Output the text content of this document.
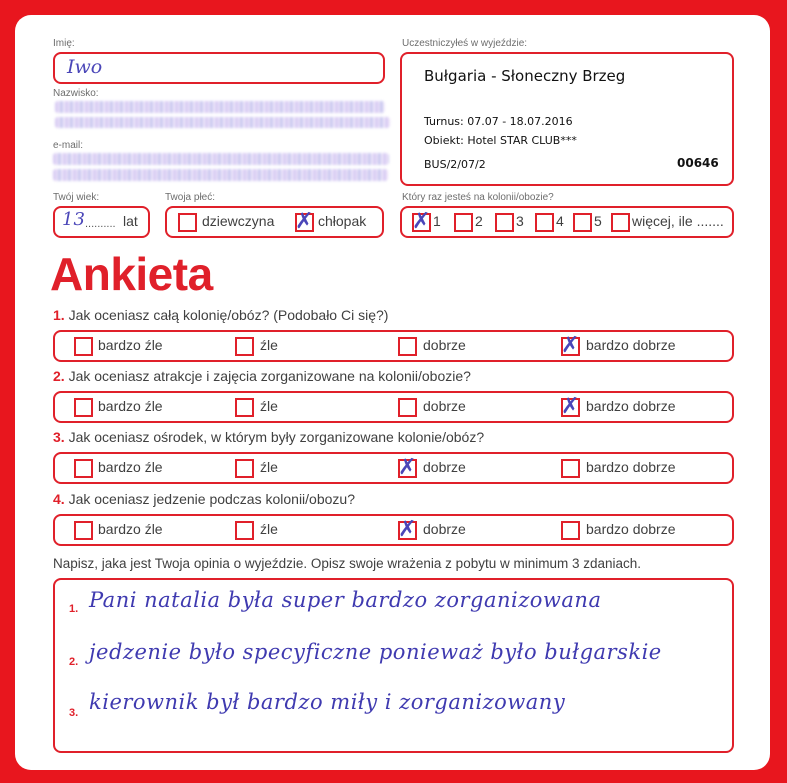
Imię:
Iwo
Nazwisko:
e-mail:
Twój wiek:
13 .......... lat
Twoja płeć:
dziewczyna ✗ chłopak
Uczestniczyłeś w wyjeździe:
Bułgaria - Słoneczny Brzeg
Turnus: 07.07 - 18.07.2016
Obiekt: Hotel STAR CLUB***
BUS/2/07/2	00646
Który raz jesteś na kolonii/obozie?
✗ 1 2 3 4 5 więcej, ile .......
Ankieta
1. Jak oceniasz całą kolonię/obóz? (Podobało Ci się?)
bardzo źle	źle	dobrze	✗ bardzo dobrze
2. Jak oceniasz atrakcje i zajęcia zorganizowane na kolonii/obozie?
bardzo źle	źle	dobrze	✗ bardzo dobrze
3. Jak oceniasz ośrodek, w którym były zorganizowane kolonie/obóz?
bardzo źle	źle	✗ dobrze	bardzo dobrze
4. Jak oceniasz jedzenie podczas kolonii/obozu?
bardzo źle	źle	✗ dobrze	bardzo dobrze
Napisz, jaka jest Twoja opinia o wyjeździe. Opisz swoje wrażenia z pobytu w minimum 3 zdaniach.
1. Pani natalia była super bardzo zorganizowana
2. jedzenie było specyficzne ponieważ było bułgarskie
3. kierownik był bardzo miły i zorganizowany
